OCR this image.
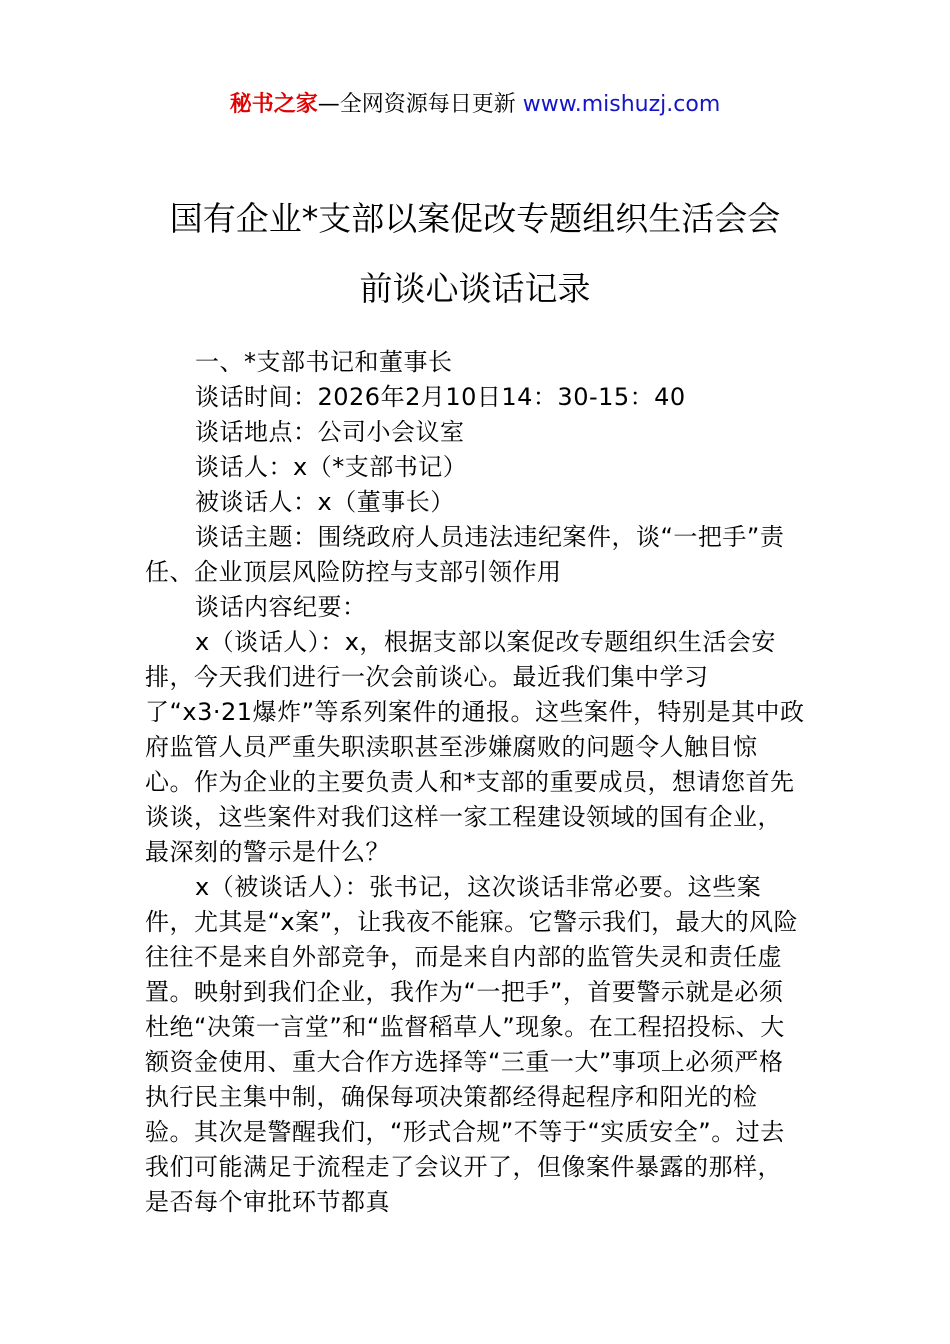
秘书之家—全网资源每日更新 www.mishuzj.com
国有企业*支部以案促改专题组织生活会会
前谈心谈话记录

一、*支部书记和董事长

谈话时间：2026年2月10日14：30-15：40

谈话地点：公司小会议室

谈话人：x（*支部书记）

被谈话人：x（董事长）

谈话主题：围绕政府人员违法违纪案件，谈“一把手”责任、企业顶层风险防控与支部引领作用

谈话内容纪要：

x（谈话人）：x，根据支部以案促改专题组织生活会安排，今天我们进行一次会前谈心。最近我们集中学习了“x3·21爆炸”等系列案件的通报。这些案件，特别是其中政府监管人员严重失职渎职甚至涉嫌腐败的问题令人触目惊心。作为企业的主要负责人和*支部的重要成员，想请您首先谈谈，这些案件对我们这样一家工程建设领域的国有企业，最深刻的警示是什么？

x（被谈话人）：张书记，这次谈话非常必要。这些案件，尤其是“x案”，让我夜不能寐。它警示我们，最大的风险往往不是来自外部竞争，而是来自内部的监管失灵和责任虚置。映射到我们企业，我作为“一把手”，首要警示就是必须杜绝“决策一言堂”和“监督稻草人”现象。在工程招投标、大额资金使用、重大合作方选择等“三重一大”事项上必须严格执行民主集中制，确保每项决策都经得起程序和阳光的检验。其次是警醒我们，“形式合规”不等于“实质安全”。过去我们可能满足于流程走了会议开了，但像案件暴露的那样，是否每个审批环节都真
